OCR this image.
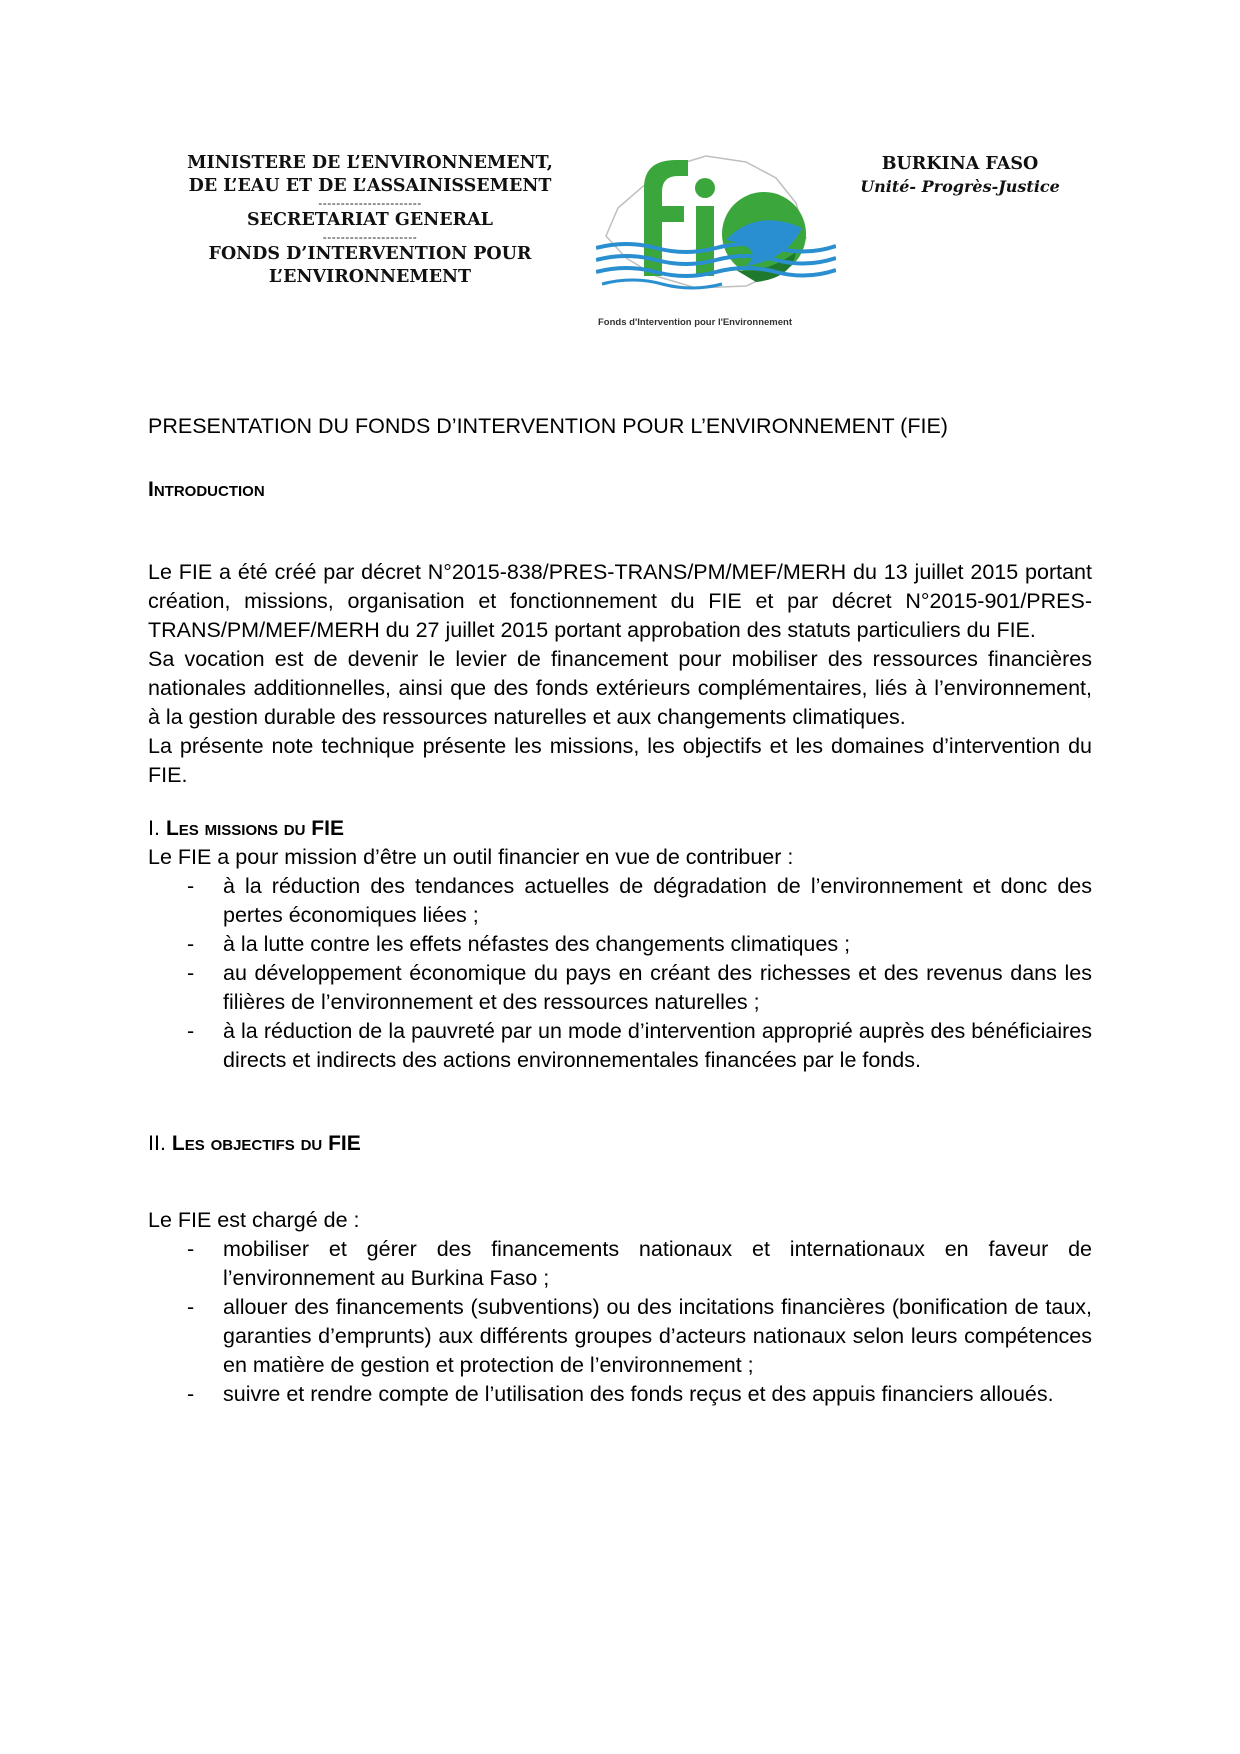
MINISTERE DE L’ENVIRONNEMENT,
DE L’EAU ET DE L’ASSAINISSEMENT
-----------------------
SECRETARIAT GENERAL
---------------------
FONDS D’INTERVENTION POUR
L’ENVIRONNEMENT
Fonds d'Intervention pour l'Environnement
BURKINA FASO
Unité- Progrès-Justice
PRESENTATION DU FONDS D’INTERVENTION POUR L’ENVIRONNEMENT (FIE)
Introduction

Le FIE a été créé par décret N°2015-838/PRES-TRANS/PM/MEF/MERH du 13 juillet 2015 portant création, missions, organisation et fonctionnement du FIE et par décret N°2015-901/PRES-TRANS/PM/MEF/MERH du 27 juillet 2015 portant approbation des statuts particuliers du FIE.

Sa vocation est de devenir le levier de financement pour mobiliser des ressources financières nationales additionnelles, ainsi que des fonds extérieurs complémentaires, liés à l’environnement, à la gestion durable des ressources naturelles et aux changements climatiques.

La présente note technique présente les missions, les objectifs et les domaines d’intervention du FIE.

I. Les missions du FIE

Le FIE a pour mission d’être un outil financier en vue de contribuer :

- à la réduction des tendances actuelles de dégradation de l’environnement et donc des pertes économiques liées ;
- à la lutte contre les effets néfastes des changements climatiques ;
- au développement économique du pays en créant des richesses et des revenus dans les filières de l’environnement et des ressources naturelles ;
- à la réduction de la pauvreté par un mode d’intervention approprié auprès des bénéficiaires directs et indirects des actions environnementales financées par le fonds.
II. Les objectifs du FIE

Le FIE est chargé de :

- mobiliser et gérer des financements nationaux et internationaux en faveur de l’environnement au Burkina Faso ;
- allouer des financements (subventions) ou des incitations financières (bonification de taux, garanties d’emprunts) aux différents groupes d’acteurs nationaux selon leurs compétences en matière de gestion et protection de l’environnement ;
- suivre et rendre compte de l’utilisation des fonds reçus et des appuis financiers alloués.
